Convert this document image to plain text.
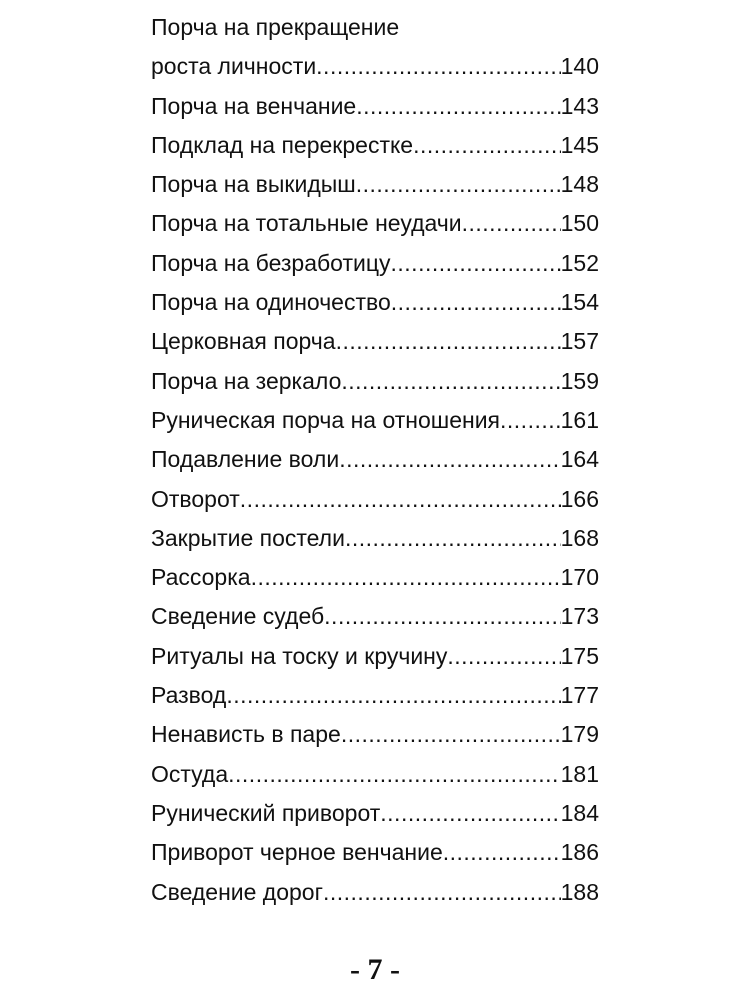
Порча на прекращение
роста личности .....	140
Порча на венчание .....	143
Подклад на перекрестке .....	145
Порча на выкидыш .....	148
Порча на тотальные неудачи .....	150
Порча на безработицу .....	152
Порча на одиночество .....	154
Церковная порча .....	157
Порча на зеркало .....	159
Руническая порча на отношения .....	161
Подавление воли .....	164
Отворот .....	166
Закрытие постели .....	168
Рассорка .....	170
Сведение судеб .....	173
Ритуалы на тоску и кручину .....	175
Развод .....	177
Ненависть в паре .....	179
Остуда .....	181
Рунический приворот .....	184
Приворот черное венчание .....	186
Сведение дорог .....	188
- 7 -
